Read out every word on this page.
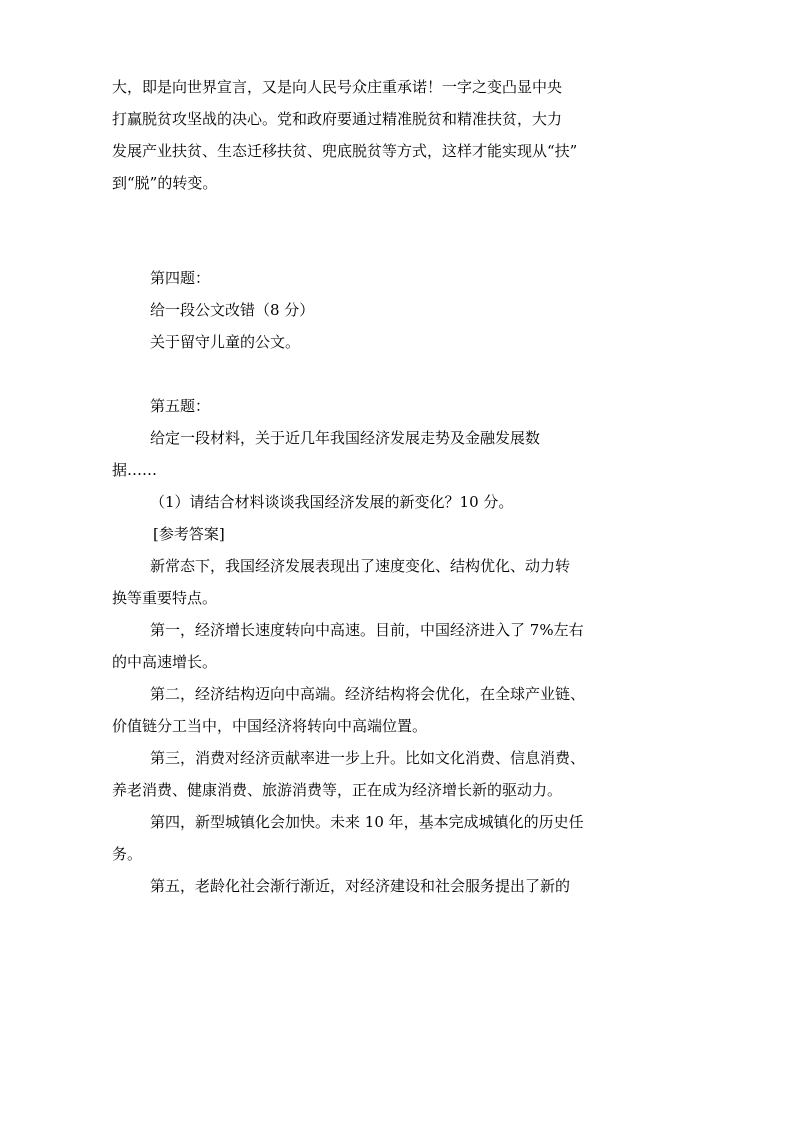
大，即是向世界宣言，又是向人民号众庄重承诺！一字之变凸显中央
打赢脱贫攻坚战的决心。党和政府要通过精准脱贫和精准扶贫，大力
发展产业扶贫、生态迁移扶贫、兜底脱贫等方式，这样才能实现从“扶”
到“脱”的转变。
第四题：
给一段公文改错（8 分）
关于留守儿童的公文。
第五题：
给定一段材料，关于近几年我国经济发展走势及金融发展数
据……
（1）请结合材料谈谈我国经济发展的新变化？10 分。
[参考答案]
新常态下，我国经济发展表现出了速度变化、结构优化、动力转
换等重要特点。
第一，经济增长速度转向中高速。目前，中国经济进入了 7%左右
的中高速增长。
第二，经济结构迈向中高端。经济结构将会优化，在全球产业链、
价值链分工当中，中国经济将转向中高端位置。
第三，消费对经济贡献率进一步上升。比如文化消费、信息消费、
养老消费、健康消费、旅游消费等，正在成为经济增长新的驱动力。
第四，新型城镇化会加快。未来 10 年，基本完成城镇化的历史任
务。
第五，老龄化社会渐行渐近，对经济建设和社会服务提出了新的
